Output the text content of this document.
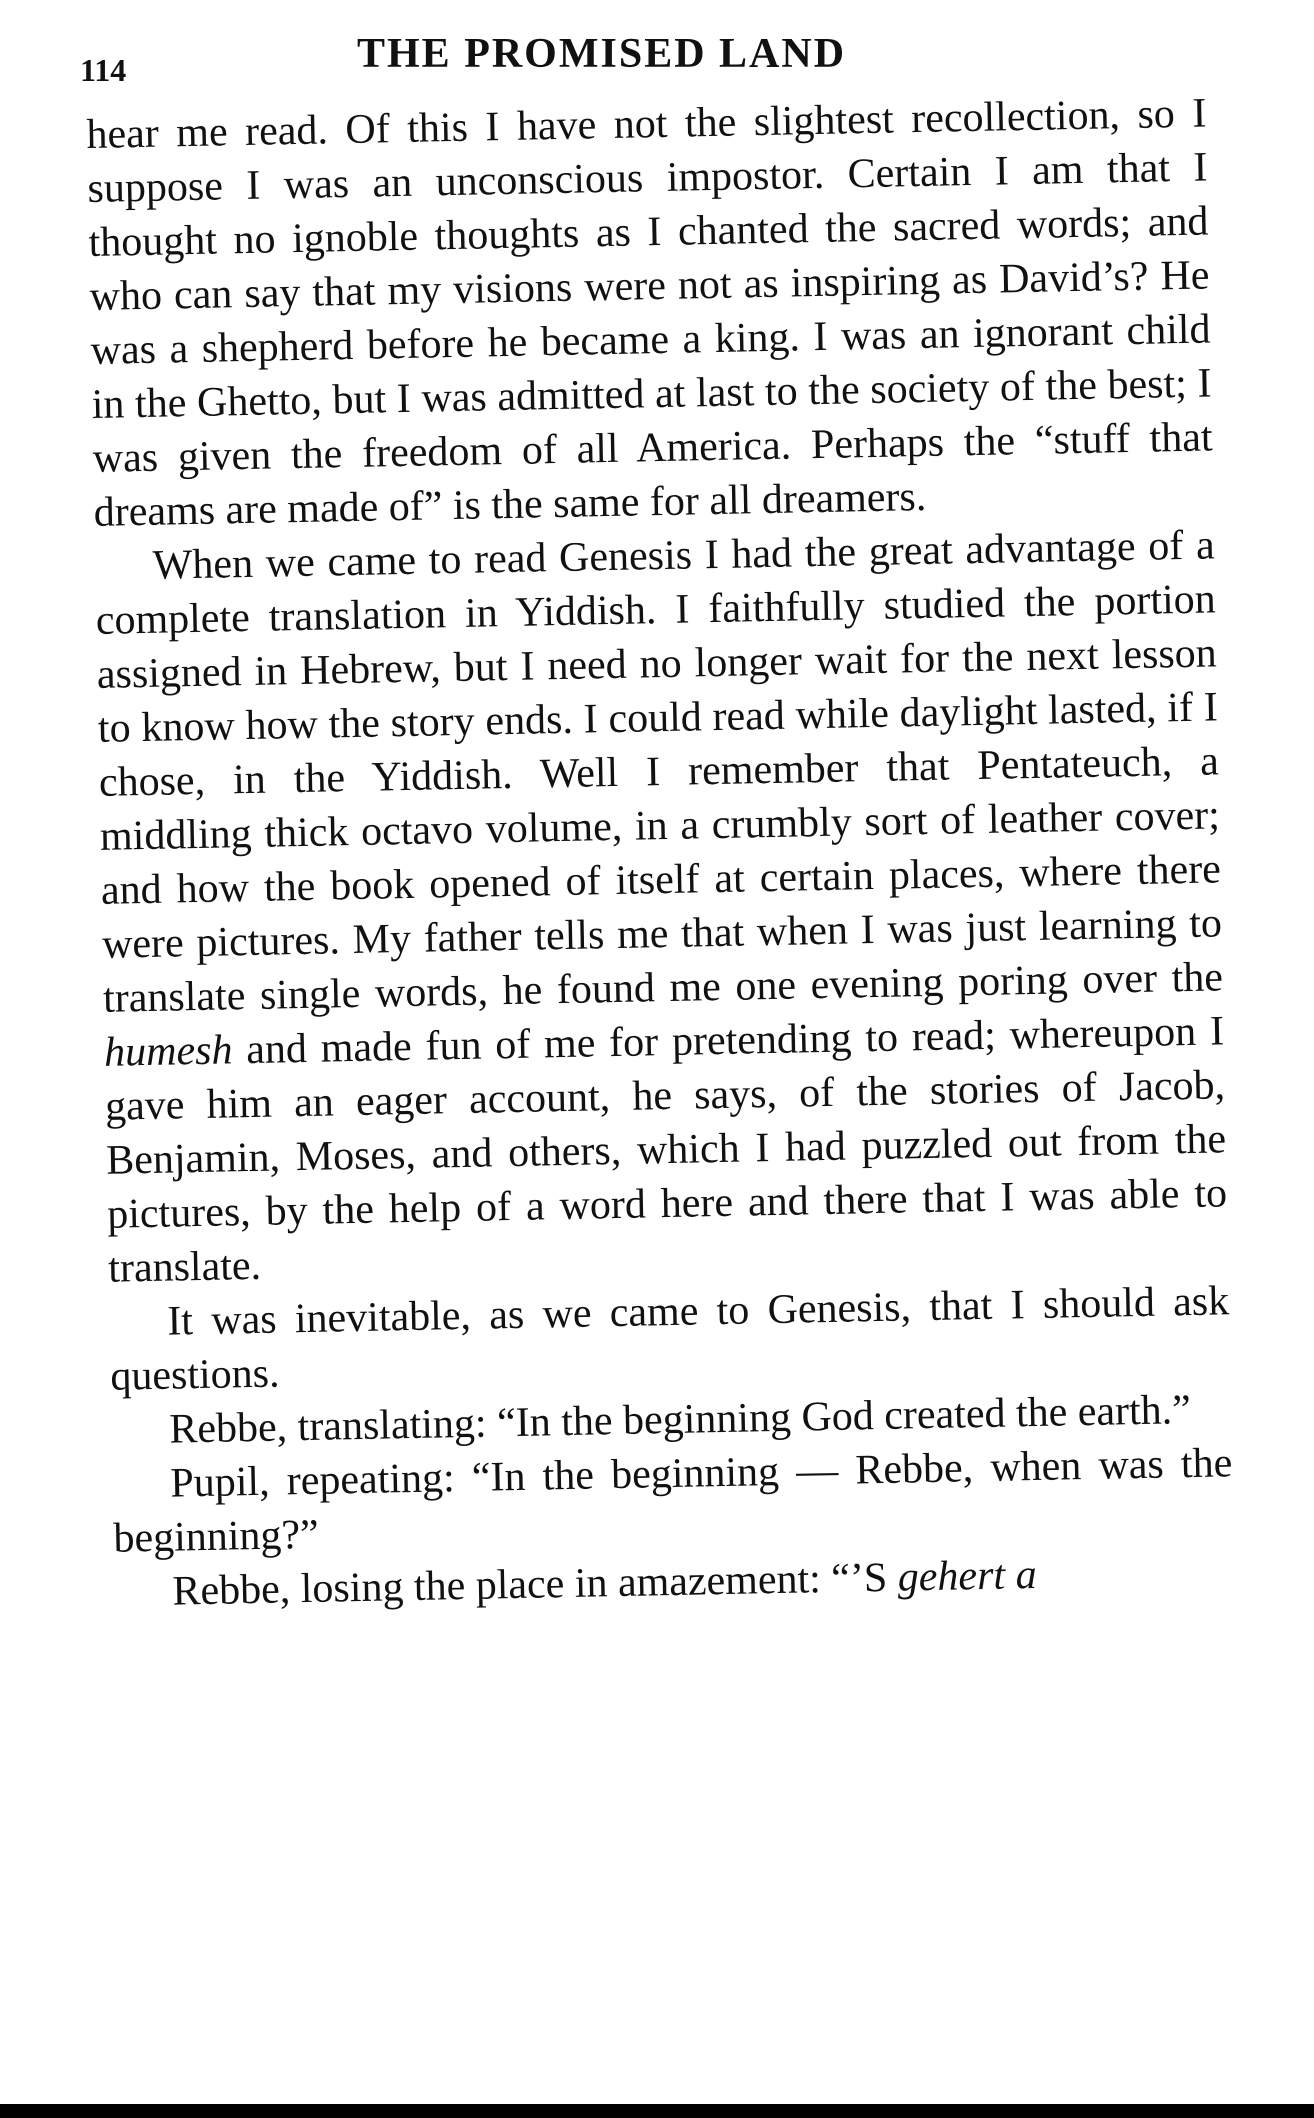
114	THE PROMISED LAND

hear me read. Of this I have not the slightest recollection, so I suppose I was an unconscious impostor. Certain I am that I thought no ignoble thoughts as I chanted the sacred words; and who can say that my visions were not as inspiring as David’s? He was a shepherd before he became a king. I was an ignorant child in the Ghetto, but I was admitted at last to the society of the best; I was given the freedom of all America. Perhaps the “stuff that dreams are made of” is the same for all dreamers.

When we came to read Genesis I had the great advantage of a complete translation in Yiddish. I faithfully studied the portion assigned in Hebrew, but I need no longer wait for the next lesson to know how the story ends. I could read while daylight lasted, if I chose, in the Yiddish. Well I remember that Pentateuch, a middling thick octavo volume, in a crumbly sort of leather cover; and how the book opened of itself at certain places, where there were pictures. My father tells me that when I was just learning to translate single words, he found me one evening poring over the humesh and made fun of me for pretending to read; whereupon I gave him an eager account, he says, of the stories of Jacob, Benjamin, Moses, and others, which I had puzzled out from the pictures, by the help of a word here and there that I was able to translate.

It was inevitable, as we came to Genesis, that I should ask questions.

Rebbe, translating: “In the beginning God created the earth.”

Pupil, repeating: “In the beginning — Rebbe, when was the beginning?”

Rebbe, losing the place in amazement: “’S gehert a
